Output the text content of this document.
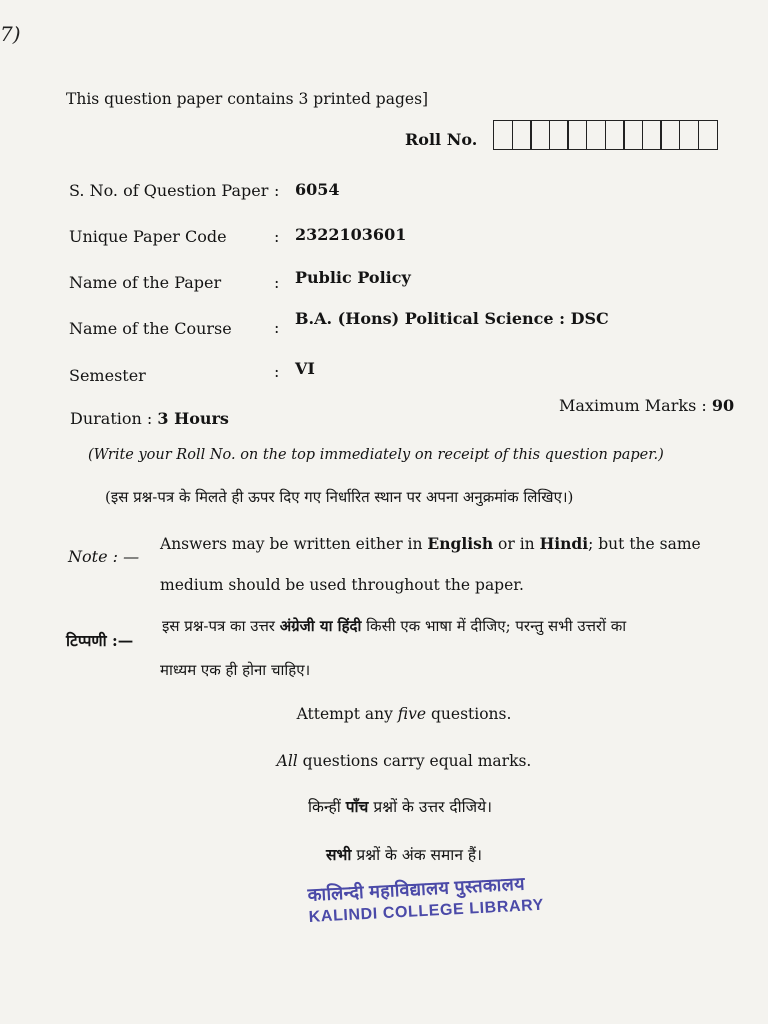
7)
This question paper contains 3 printed pages]
Roll No.
S. No. of Question Paper : 6054
Unique Paper Code	: 2322103601
Name of the Paper	: Public Policy
Name of the Course	: B.A. (Hons) Political Science : DSC
Semester	: VI
Duration : 3 Hours
Maximum Marks : 90
(Write your Roll No. on the top immediately on receipt of this question paper.)
(इस प्रश्न-पत्र के मिलते ही ऊपर दिए गए निर्धारित स्थान पर अपना अनुक्रमांक लिखिए।)
Note : —
Answers may be written either in English or in Hindi; but the same
medium should be used throughout the paper.
टिप्पणी :—
इस प्रश्न-पत्र का उत्तर अंग्रेजी या हिंदी किसी एक भाषा में दीजिए; परन्तु सभी उत्तरों का
माध्यम एक ही होना चाहिए।
Attempt any five questions.
All questions carry equal marks.
किन्हीं पाँच प्रश्नों के उत्तर दीजिये।
सभी प्रश्नों के अंक समान हैं।
कालिन्दी महाविद्यालय पुस्तकालय
KALINDI COLLEGE LIBRARY
